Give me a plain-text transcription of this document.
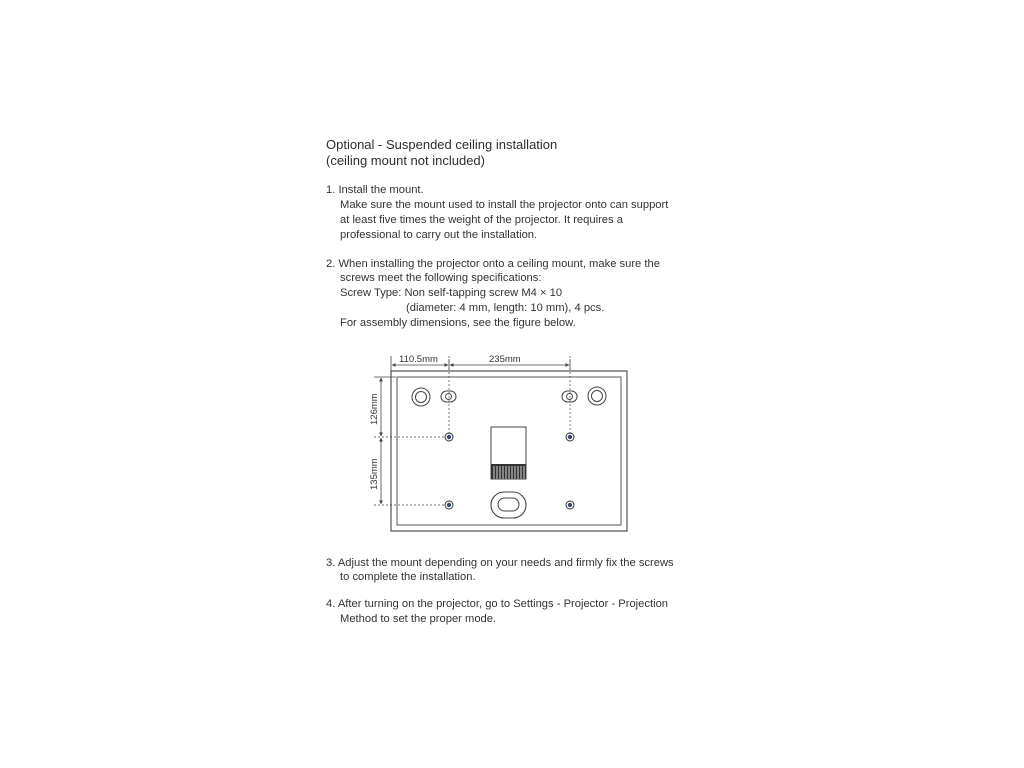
Optional - Suspended ceiling installation
(ceiling mount not included)

1. Install the mount.

Make sure the mount used to install the projector onto can support

at least five times the weight of the projector. It requires a

professional to carry out the installation.

2. When installing the projector onto a ceiling mount, make sure the

screws meet the following specifications:

Screw Type: Non self-tapping screw M4 × 10

(diameter: 4 mm, length: 10 mm), 4 pcs.

For assembly dimensions, see the figure below.

110.5mm	235mm
126mm
135mm

3. Adjust the mount depending on your needs and firmly fix the screws

to complete the installation.

4. After turning on the projector, go to Settings - Projector - Projection

Method to set the proper mode.
